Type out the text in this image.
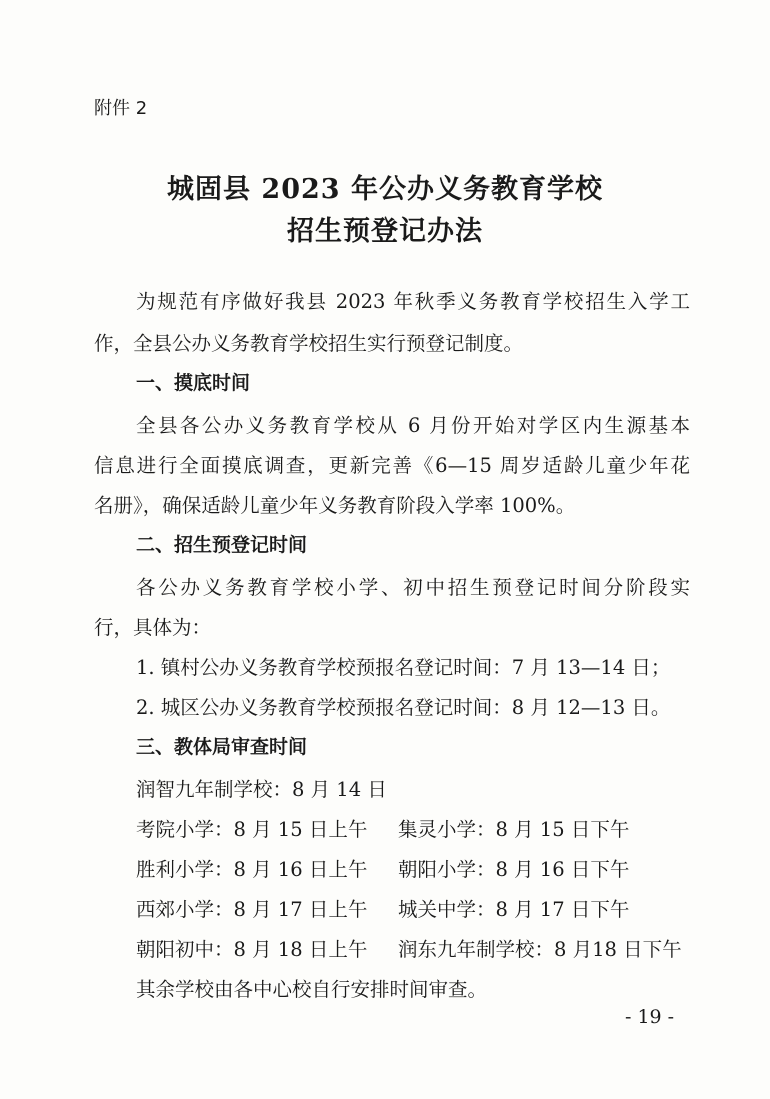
附件 2
城固县 2023 年公办义务教育学校
招生预登记办法
为规范有序做好我县 2023 年秋季义务教育学校招生入学工
作，全县公办义务教育学校招生实行预登记制度。
一、摸底时间
全县各公办义务教育学校从 6 月份开始对学区内生源基本
信息进行全面摸底调查，更新完善《6—15 周岁适龄儿童少年花
名册》，确保适龄儿童少年义务教育阶段入学率 100%。
二、招生预登记时间
各公办义务教育学校小学、初中招生预登记时间分阶段实
行，具体为：
1. 镇村公办义务教育学校预报名登记时间：7 月 13—14 日；
2. 城区公办义务教育学校预报名登记时间：8 月 12—13 日。
三、教体局审查时间
润智九年制学校：8 月 14 日
考院小学：8 月 15 日上午 集灵小学：8 月 15 日下午
胜利小学：8 月 16 日上午 朝阳小学：8 月 16 日下午
西郊小学：8 月 17 日上午 城关中学：8 月 17 日下午
朝阳初中：8 月 18 日上午 润东九年制学校：8 月18 日下午
其余学校由各中心校自行安排时间审查。
- 19 -
